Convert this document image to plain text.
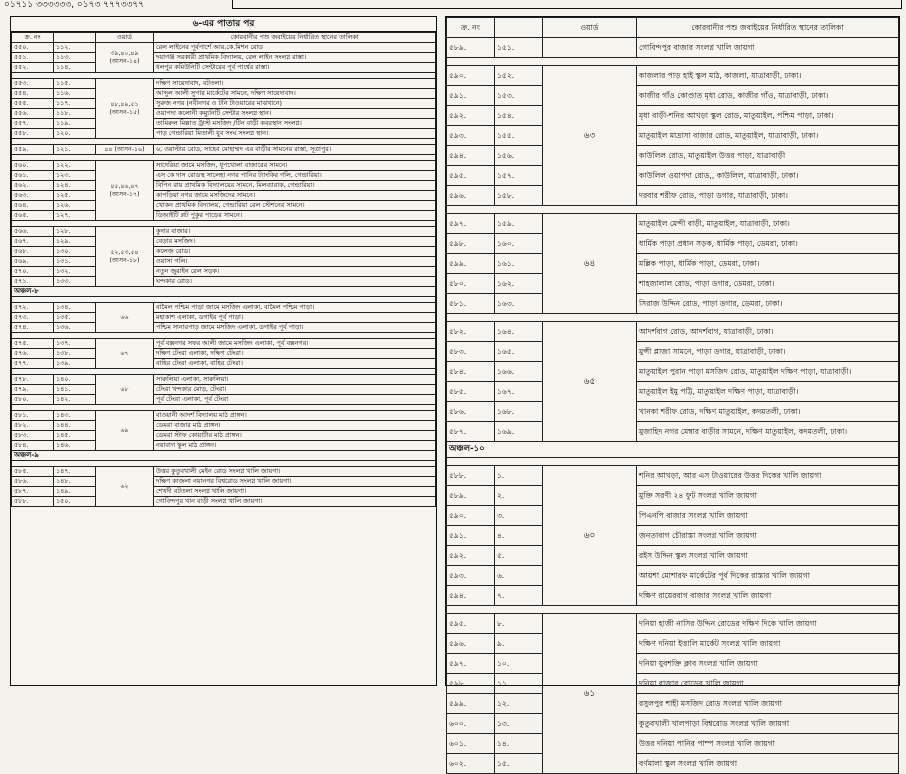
০১৭১১ ৩৩৩৩৩৩, ০১৭৩ ৭৭৭৩৩৭৭
৬-এর পাতার পর
ক্র. নং		ওয়ার্ড	কোরবানীর পশু জবাইয়ের নির্ধারিত স্থানের তালিকা
৫৫০.	১১২.	৩৯,৪০,৪৯ (আসন-১৪)	রেল লাইনের পূর্বপার্শে আর.কে.মিশন রোড
৫৫১.	১১৩.		দয়াগঞ্জ সরকারী প্রাথমিক বিদ্যালয়, রেল লাইন সংলগ্ন রাস্তা।
৫৫২.	১১৪.		ধলপুর কমিউনিটি সেন্টারের পূর্ব পার্শ্বের রাস্তা।

৫৫৩.	১১৫.	৪৮,৪৯,৫১ (আসন-১৫)	দক্ষিণ সায়েদাবাদ, বটতলা।
৫৫৪.	১১৬.		আব্দুল আলী সুপার মার্কেটের সামনে, দক্ষিণ সায়েদাবাদ।
৫৫৫.	১১৭.		সুরুজ নগর (নবীনগর ও টনি টাওয়ারের মাঝখানে)
৫৫৬.	১১৮.		ওয়াপদা কলোনী কম্যুনিটি সেন্টার সংলগ্ন স্থান।
৫৫৭.	১১৯.		তামিরুল মিল্লাত ট্রাস্ট মসজিদ /টিন বাড়ী কবরস্থান সংলগ্ন।
৫৫৮.	১২০.		পাড় গেন্ডারিয়া মিতালী যুব সংঘ সংলগ্ন স্থান।

৫৫৯.	১২১.	৪৪ (আসন-১৬)	৬, ওয়াল্টার রোড, সাহেব মোহাম্মদ এর বাড়ীর সামনের রাস্তা, সূত্রাপুর।

৫৬০.	১২২.	৪৫,৪৬,৪৭ (আসন-১৭)	সাদেরিয়া জামে মসজিদ, ধূপখোলা বাজারের সামনে।
৫৬১.	১২৩.		এস কে দাস রোডস্থ সালেহা নগর পানির ট্যাংকির গলি, গেন্ডারিয়া।
৫৬২.	১২৪.		বিপিন রায় প্রাথমিক বিদ্যালয়ের সামনে, মিলব্যারাক, গেন্ডারিয়া।
৫৬৩.	১২৫.		কাপড়িয়া নগর জামে মসজিদের সামনে।
৫৬৪.	১২৬.		খোকন প্রাথমিক বিদ্যালয়, গেন্ডারিয়া রেল স্টেশনের সামনে।
৫৬৫.	১২৭.		ডিআইটি প্লট পুকুর পাড়ের সামনে।

৫৬৬.	১২৮.	৫২,৫৩,৫৪ (আসন-১৮)	কুদার বাজার।
৫৬৭.	১২৯.		বেড়ার মসজিদ।
৫৬৮.	১৩০.		কলেজ রোড।
৫৬৯.	১৩১.		ওয়াসা গলি।
৫৭০.	১৩২.		নতুন জুরাইন রেল সড়ক।
৫৭১.	১৩৩.		ঘন্দকার রোড।
অঞ্চল-৮			

৫৭২.	১৩৪.	৬৬	বামৈল পশ্চিম পাড়া জামে মসজিদ এলাকা, বামৈল পশ্চিম পাড়া।
৫৭৩.	১৩৫.		মহাকাশ এলাকা, ডগাইর পূর্ব পাড়া।
৫৭৪.	১৩৬.		পশ্চিম সানারপাড় জামে মসজিদ এলাকা, ডগাইর পূর্ব পাড়া।

৫৭৫.	১৩৭.	৬৭	পূর্ব বক্সনগর সফর আলী জামে মসজিদ এলাকা, পূর্ব বক্সনগর।
৫৭৬.	১৩৮.		দক্ষিণ টেংরা এলাকা, দক্ষিণ টেংরা।
৫৭৭.	১৩৯.		বাহির টেংরা এলাকা, বাহির টেংরা।

৫৭৮.	১৪০.	৬৮	সারুলিয়া এলাকা, সারুলিয়া।
৫৭৯.	১৪১.		টেংরা খন্দকার মোড়, টেংরা।
৫৮০.	১৪২.		পূর্ব টেংরা এলাকা, পূর্ব টেংরা

৫৮১.	১৪৩.	৬৯	বাওয়ানী আদর্শ বিদ্যালয় মাঠ প্রাঙ্গন।
৫৮২.	১৪৪.		ডেমরা বাজার মাঠ প্রাঙ্গন।
৫৮৩.	১৪৫.		ডেমরা স্টাফ কোয়ার্টার মাঠ প্রাঙ্গন।
৫৮৪.	১৪৬.		নয়াবাগ স্কুল মাঠ প্রাঙ্গন।
অঞ্চল-৯			

৫৮৫.	১৪৭.	৬২	উত্তর কুতুবখালী মেইন রোড সংলগ্ন খালি জায়গা।
৫৮৬.	১৪৮.		দক্ষিণ কাজলা নয়ানগর বিশ্বরোড সংলগ্ন খালি জায়গা।
৫৮৭.	১৪৯.		শেখদী বটতলা সংলগ্ন খালি জায়গা।
৫৮৮.	১৫০.		গোবিন্দপুর খান বাড়ী সংলগ্ন খালি জায়গা।
ক্র. নং		ওয়ার্ড	কোরবানীর পশু জবাইয়ের নির্ধারিত স্থানের তালিকা
৫৮৯.	১৫১.		গোবিন্দপুর বাজার সংলগ্ন খালি জায়গা

৫৯০.	১৫২.	৬৩	কাজলার পাড় হাই স্কুল মাঠ, কাজলা, যাত্রাবাড়ী, ঢাকা।
৫৯১.	১৫৩.		কাজীর গাঁও কোণ্ডাত মৃধা রোড, কাজীর গাঁও, যাত্রাবাড়ী, ঢাকা।
৫৯২.	১৫৪.		মৃধা বাড়ী-শনির আখড়া স্কুল রোড, মাতুয়াইল, পশ্চিম পাড়া, ঢাকা।
৫৯৩.	১৫৫.		মাতুয়াইল মাদ্রাসা বাজার রোড, মাতুয়াইল, যাত্রাবাড়ী, ঢাকা।
৫৯৪.	১৫৬.		কাউলিল রোড, মাতুয়াইল উত্তর পাড়া, যাত্রাবাড়ী
৫৯৫.	১৫৭.		কাউলিল ওয়াপদা রোড,, কাউলিল, যাত্রাবাড়ী, ঢাকা।
৫৯৬.	১৫৮.		দরবার শরীফ রোড, পাড়া ডগার, যাত্রাবাড়ী, ঢাকা।

৫৯৭.	১৫৯.	৬৪	মাতুয়াইল মেন্দী বাড়ী, মাতুয়াইল, যাত্রাবাড়ী, ঢাকা।
৫৯৮.	১৬০.		ধার্মিক পাড়া প্রধান সড়ক, ধার্মিক পাড়া, ডেমরা, ঢাকা।
৫৯৯.	১৬১.		মল্লিক পাড়া, ধার্মিক পাড়া, ডেমরা, ঢাকা।
৫৮০.	১৬২.		শাহজালাল রোড, পাড়া ডগার, ডেমরা, ঢাকা।
৫৮১.	১৬৩.		সিরাজ উদ্দিন রোড, পাড়া ডগার, ডেমরা, ঢাকা।

৫৮২.	১৬৪.	৬৫	আদর্শবাগ রোড, আদর্শবাগ, যাত্রাবাড়ী, ঢাকা।
৫৮৩.	১৬৫.		মুন্সী প্লাজা সামনে, পাড়া ডগার, যাত্রাবাড়ী, ঢাকা।
৫৮৪.	১৬৬.		মাতুয়াইল পুরান পাড়া মসজিদ রোড, মাতুয়াইল দক্ষিণ পাড়া, যাত্রাবাড়ী।
৫৮৫.	১৬৭.		মাতুয়াইল ইমু পট্টি, মাতুয়াইল দক্ষিণ পাড়া, যাত্রাবাড়ী।
৫৮৬.	১৬৮.		খানকা শরীফ রোড, দক্ষিণ মাতুয়াইল, কদমতলী, ঢাকা।
৫৮৭.	১৬৯.		মুজাহিদ নগর মেম্বার বাড়ীর সামনে, দক্ষিণ মাতুয়াইল, কদমতলী, ঢাকা।
অঞ্চল-১০			

৫৮৮.	১.	৬০	শনির আখড়া, আর এস টাওয়ারের উত্তর দিকের খালি জায়গা
৫৮৯.	২.		মুক্তি সরণী ২৪ ফুট সংলগ্ন খালি জায়গা
৫৯০.	৩.		পিএনপি বাজার সংলগ্ন খালি জায়গা
৫৯১.	৪.		জনতাবাগ চৌরাস্তা সংলগ্ন খালি জায়গা
৫৯২.	৫.		রইস উদ্দিন স্কুল সংলগ্ন খালি জায়গা
৫৯৩.	৬.		আয়শা মোশারফ মার্কেটের পূর্ব দিকের রাস্তার খালি জায়গা
৫৯৪.	৭.		দক্ষিণ রায়েরবাগ বাজার সংলগ্ন খালি জায়গা

৫৯৫.	৮.	৬১	দনিয়া হাজী নাসির উদ্দিন রোডের দক্ষিণ দিকে খালি জায়গা
৫৯৬.	৯.		দক্ষিণ দনিয়া ইত্তালি মার্কেট সংলগ্ন খালি জায়গা
৫৯৭.	১০.		দনিয়া যুবশক্তি ক্লাব সংলগ্ন খালি জায়গা
৫৯৮.	১১.		দনিয়া বাজার রোডের খালি জায়গা
৫৯৯.	১২.		রসুলপুর শাহী মসজিদ রোড সংলগ্ন খালি জায়গা
৬০০.	১৩.		কুতুবখালী খালপাড়া বিশ্বরোড সংলগ্ন খালি জায়গা
৬০১.	১৪.		উত্তর দনিয়া পানির পাম্প সংলগ্ন খালি জায়গা
৬০২.	১৫.		বর্ণমালা স্কুল সংলগ্ন খালি জায়গা
